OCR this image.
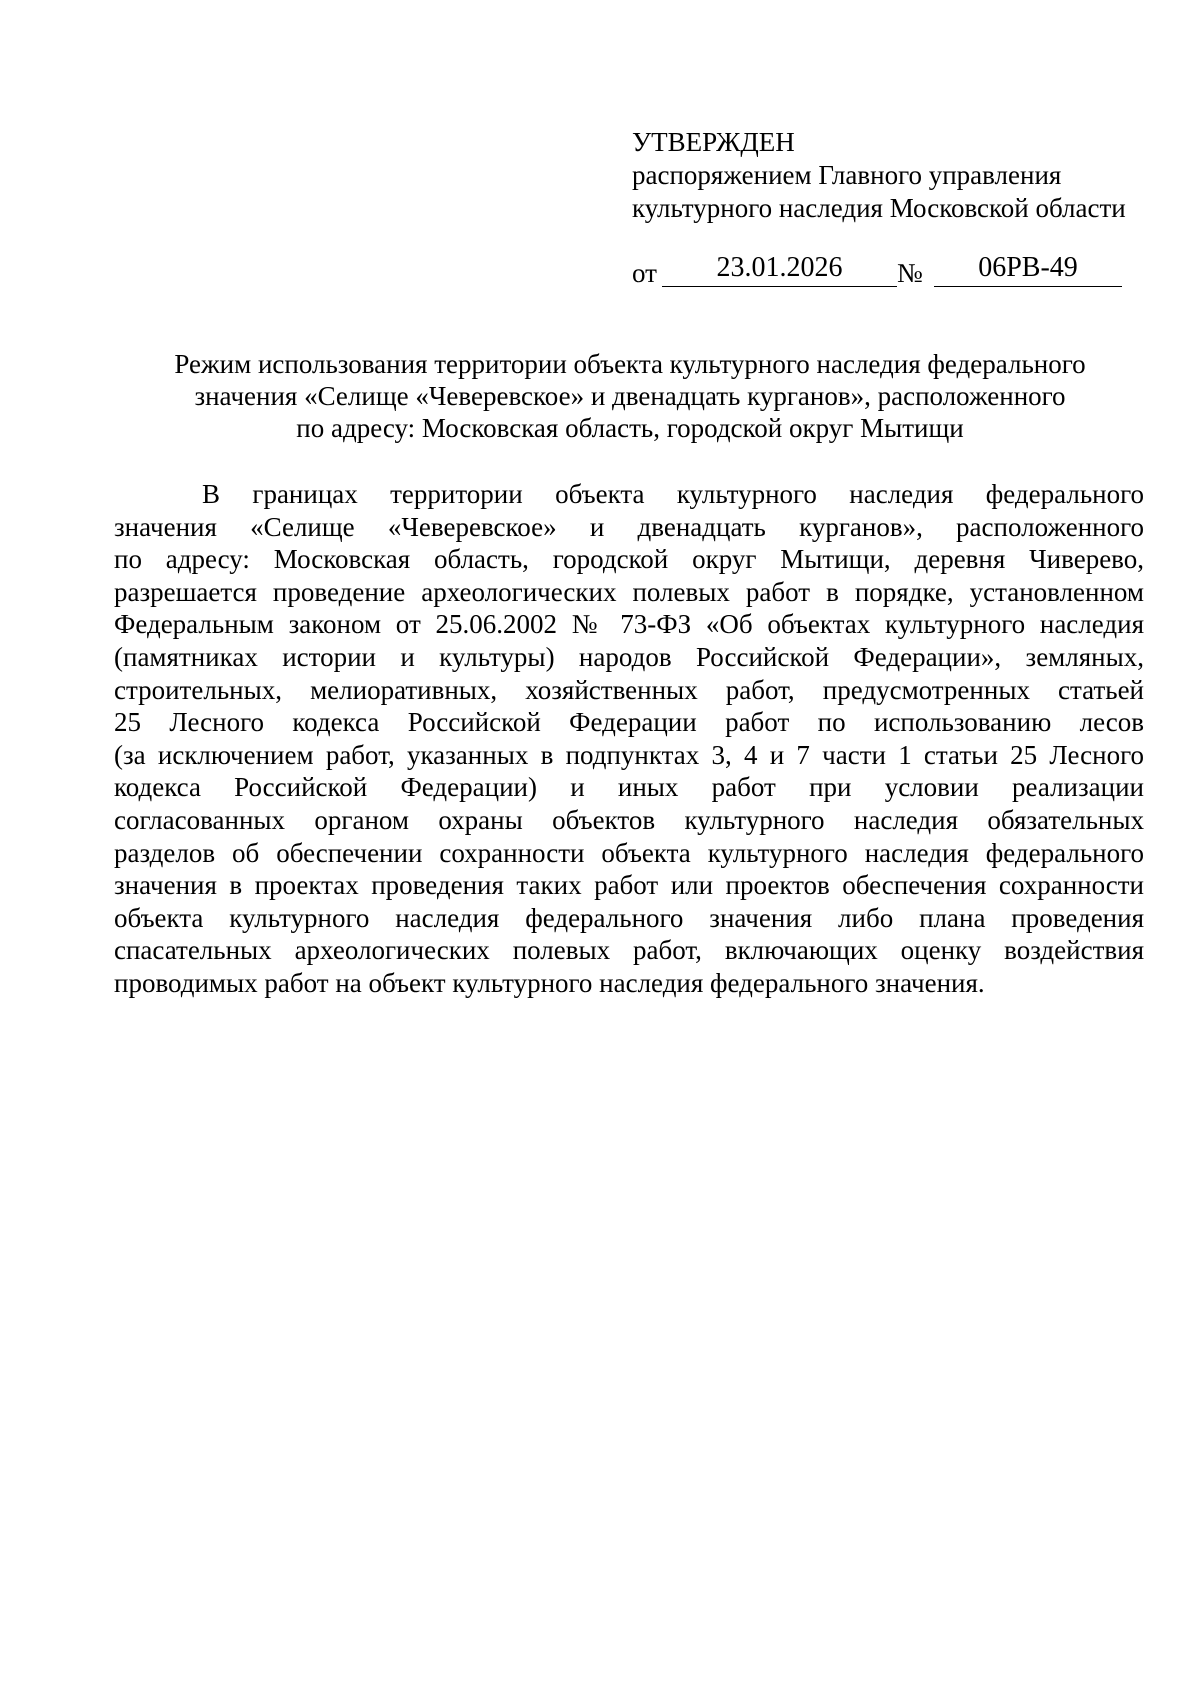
УТВЕРЖДЕН
распоряжением Главного управления
культурного наследия Московской области
от	23.01.2026	№	06РВ-49
Режим использования территории объекта культурного наследия федерального
значения «Селище «Чеверевское» и двенадцать курганов», расположенного
по адресу: Московская область, городской округ Мытищи
В границах территории объекта культурного наследия федерального
значения «Селище «Чеверевское» и двенадцать курганов», расположенного
по адресу: Московская область, городской округ Мытищи, деревня Чиверево,
разрешается проведение археологических полевых работ в порядке, установленном
Федеральным законом от 25.06.2002 № 73-ФЗ «Об объектах культурного наследия
(памятниках истории и культуры) народов Российской Федерации», земляных,
строительных, мелиоративных, хозяйственных работ, предусмотренных статьей
25 Лесного кодекса Российской Федерации работ по использованию лесов
(за исключением работ, указанных в подпунктах 3, 4 и 7 части 1 статьи 25 Лесного
кодекса Российской Федерации) и иных работ при условии реализации
согласованных органом охраны объектов культурного наследия обязательных
разделов об обеспечении сохранности объекта культурного наследия федерального
значения в проектах проведения таких работ или проектов обеспечения сохранности
объекта культурного наследия федерального значения либо плана проведения
спасательных археологических полевых работ, включающих оценку воздействия
проводимых работ на объект культурного наследия федерального значения.
